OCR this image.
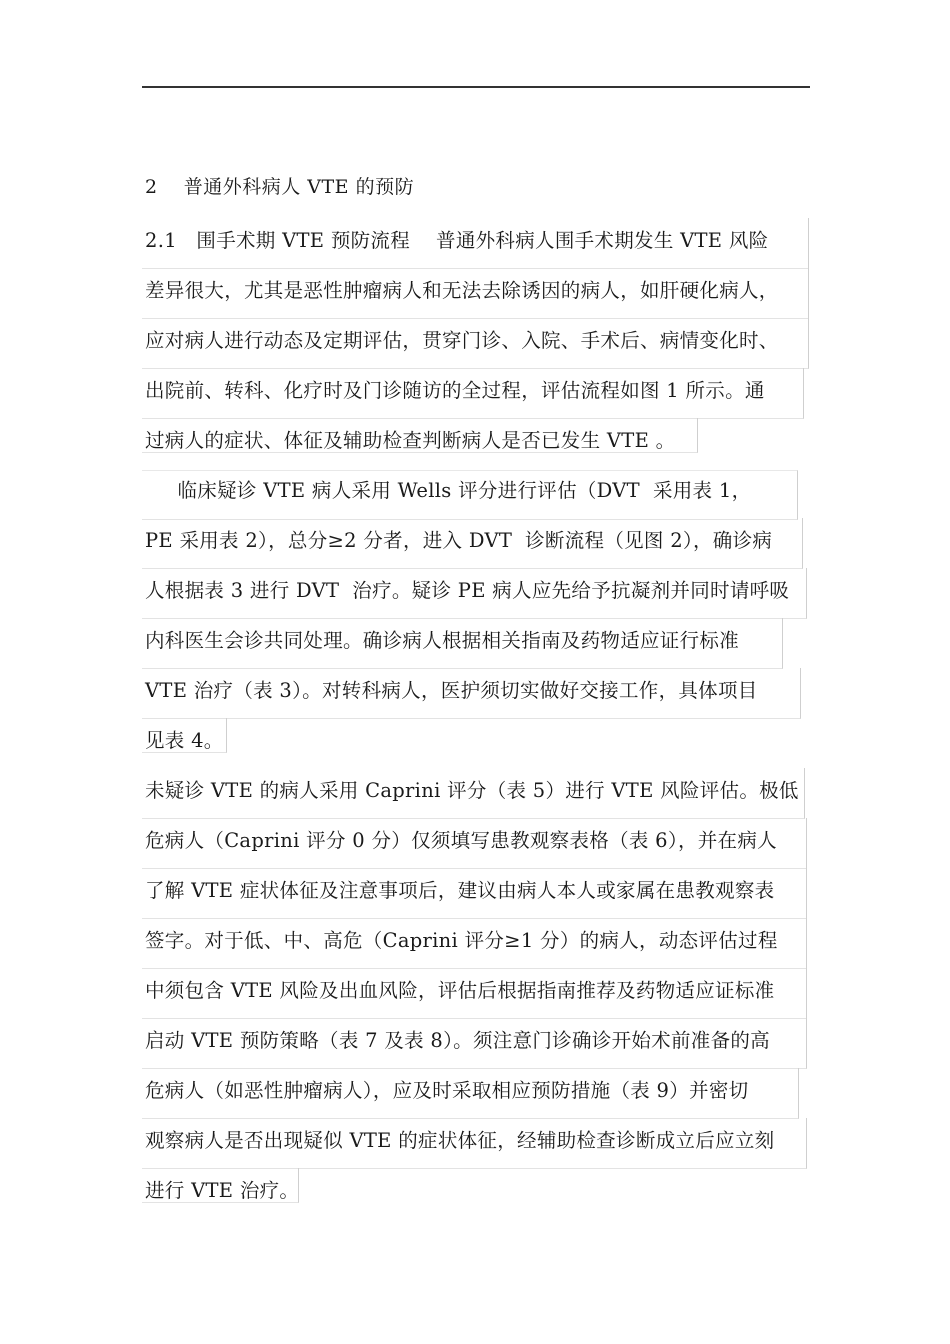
2    普通外科病人 VTE 的预防
2.1   围手术期 VTE 预防流程    普通外科病人围手术期发生 VTE 风险
差异很大，尤其是恶性肿瘤病人和无法去除诱因的病人，如肝硬化病人，
应对病人进行动态及定期评估，贯穿门诊、入院、手术后、病情变化时、
出院前、转科、化疗时及门诊随访的全过程，评估流程如图 1 所示。通
过病人的症状、体征及辅助检查判断病人是否已发生 VTE 。
临床疑诊 VTE 病人采用 Wells 评分进行评估（DVT  采用表 1，
PE 采用表 2），总分≥2 分者，进入 DVT  诊断流程（见图 2），确诊病
人根据表 3 进行 DVT  治疗。疑诊 PE 病人应先给予抗凝剂并同时请呼吸
内科医生会诊共同处理。确诊病人根据相关指南及药物适应证行标准
VTE 治疗（表 3）。对转科病人，医护须切实做好交接工作，具体项目
见表 4。
未疑诊 VTE 的病人采用 Caprini 评分（表 5）进行 VTE 风险评估。极低
危病人（Caprini 评分 0 分）仅须填写患教观察表格（表 6），并在病人
了解 VTE 症状体征及注意事项后，建议由病人本人或家属在患教观察表
签字。对于低、中、高危（Caprini 评分≥1 分）的病人，动态评估过程
中须包含 VTE 风险及出血风险，评估后根据指南推荐及药物适应证标准
启动 VTE 预防策略（表 7 及表 8）。须注意门诊确诊开始术前准备的高
危病人（如恶性肿瘤病人），应及时采取相应预防措施（表 9）并密切
观察病人是否出现疑似 VTE 的症状体征，经辅助检查诊断成立后应立刻
进行 VTE 治疗。
